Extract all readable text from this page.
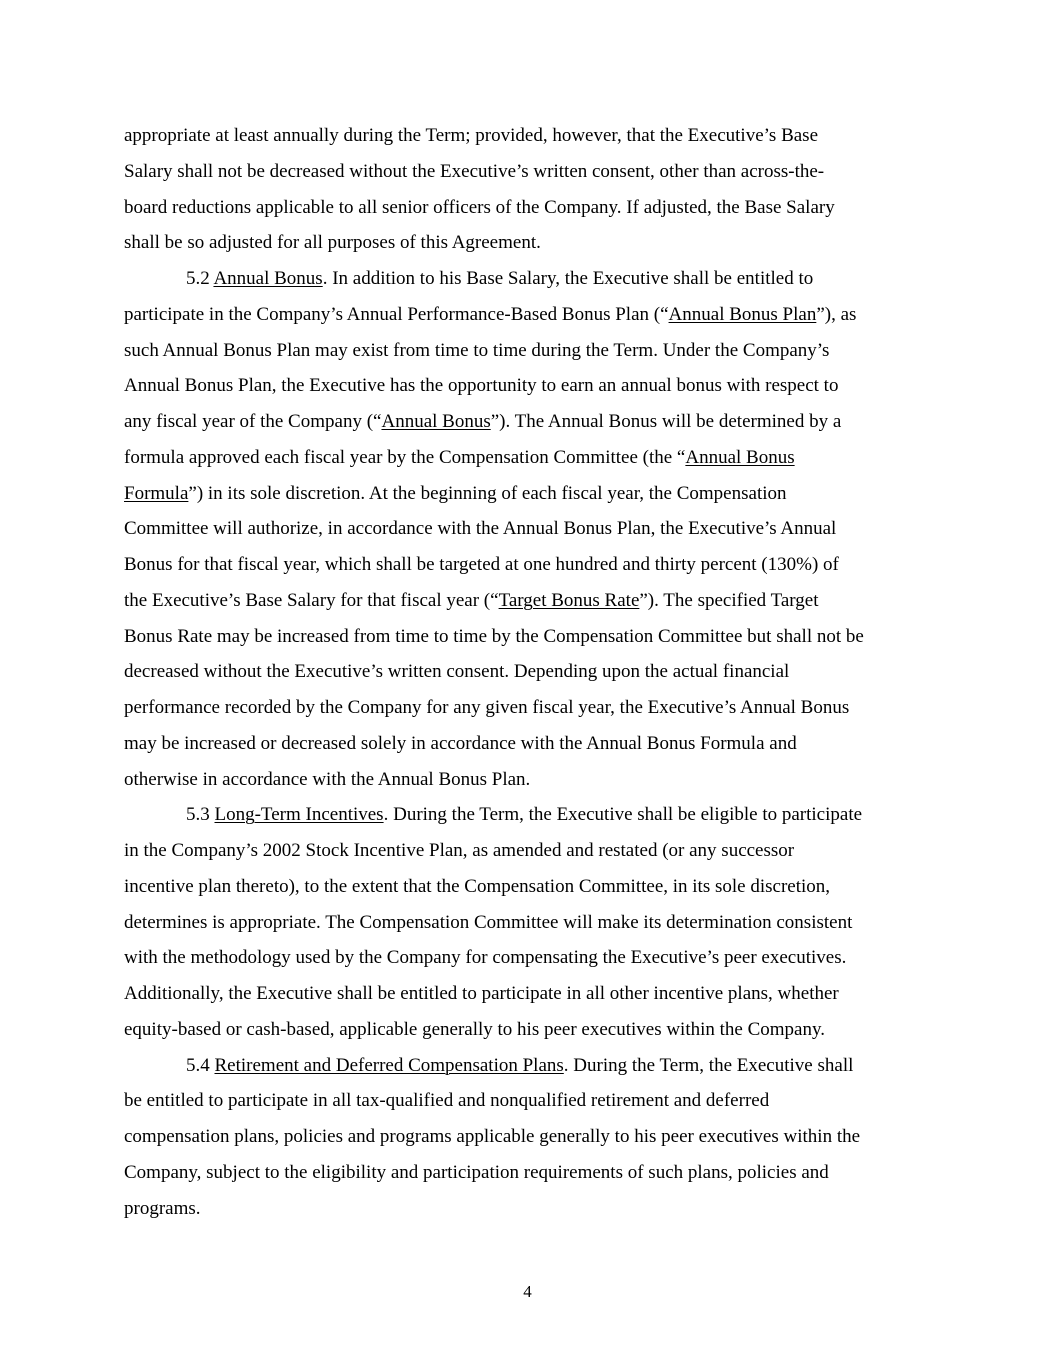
appropriate at least annually during the Term; provided, however, that the Executive’s Base
Salary shall not be decreased without the Executive’s written consent, other than across-the-
board reductions applicable to all senior officers of the Company. If adjusted, the Base Salary
shall be so adjusted for all purposes of this Agreement.
5.2 Annual Bonus. In addition to his Base Salary, the Executive shall be entitled to
participate in the Company’s Annual Performance-Based Bonus Plan (“Annual Bonus Plan”), as
such Annual Bonus Plan may exist from time to time during the Term. Under the Company’s
Annual Bonus Plan, the Executive has the opportunity to earn an annual bonus with respect to
any fiscal year of the Company (“Annual Bonus”). The Annual Bonus will be determined by a
formula approved each fiscal year by the Compensation Committee (the “Annual Bonus
Formula”) in its sole discretion. At the beginning of each fiscal year, the Compensation
Committee will authorize, in accordance with the Annual Bonus Plan, the Executive’s Annual
Bonus for that fiscal year, which shall be targeted at one hundred and thirty percent (130%) of
the Executive’s Base Salary for that fiscal year (“Target Bonus Rate”). The specified Target
Bonus Rate may be increased from time to time by the Compensation Committee but shall not be
decreased without the Executive’s written consent. Depending upon the actual financial
performance recorded by the Company for any given fiscal year, the Executive’s Annual Bonus
may be increased or decreased solely in accordance with the Annual Bonus Formula and
otherwise in accordance with the Annual Bonus Plan.
5.3 Long-Term Incentives. During the Term, the Executive shall be eligible to participate
in the Company’s 2002 Stock Incentive Plan, as amended and restated (or any successor
incentive plan thereto), to the extent that the Compensation Committee, in its sole discretion,
determines is appropriate. The Compensation Committee will make its determination consistent
with the methodology used by the Company for compensating the Executive’s peer executives.
Additionally, the Executive shall be entitled to participate in all other incentive plans, whether
equity-based or cash-based, applicable generally to his peer executives within the Company.
5.4 Retirement and Deferred Compensation Plans. During the Term, the Executive shall
be entitled to participate in all tax-qualified and nonqualified retirement and deferred
compensation plans, policies and programs applicable generally to his peer executives within the
Company, subject to the eligibility and participation requirements of such plans, policies and
programs.
4
